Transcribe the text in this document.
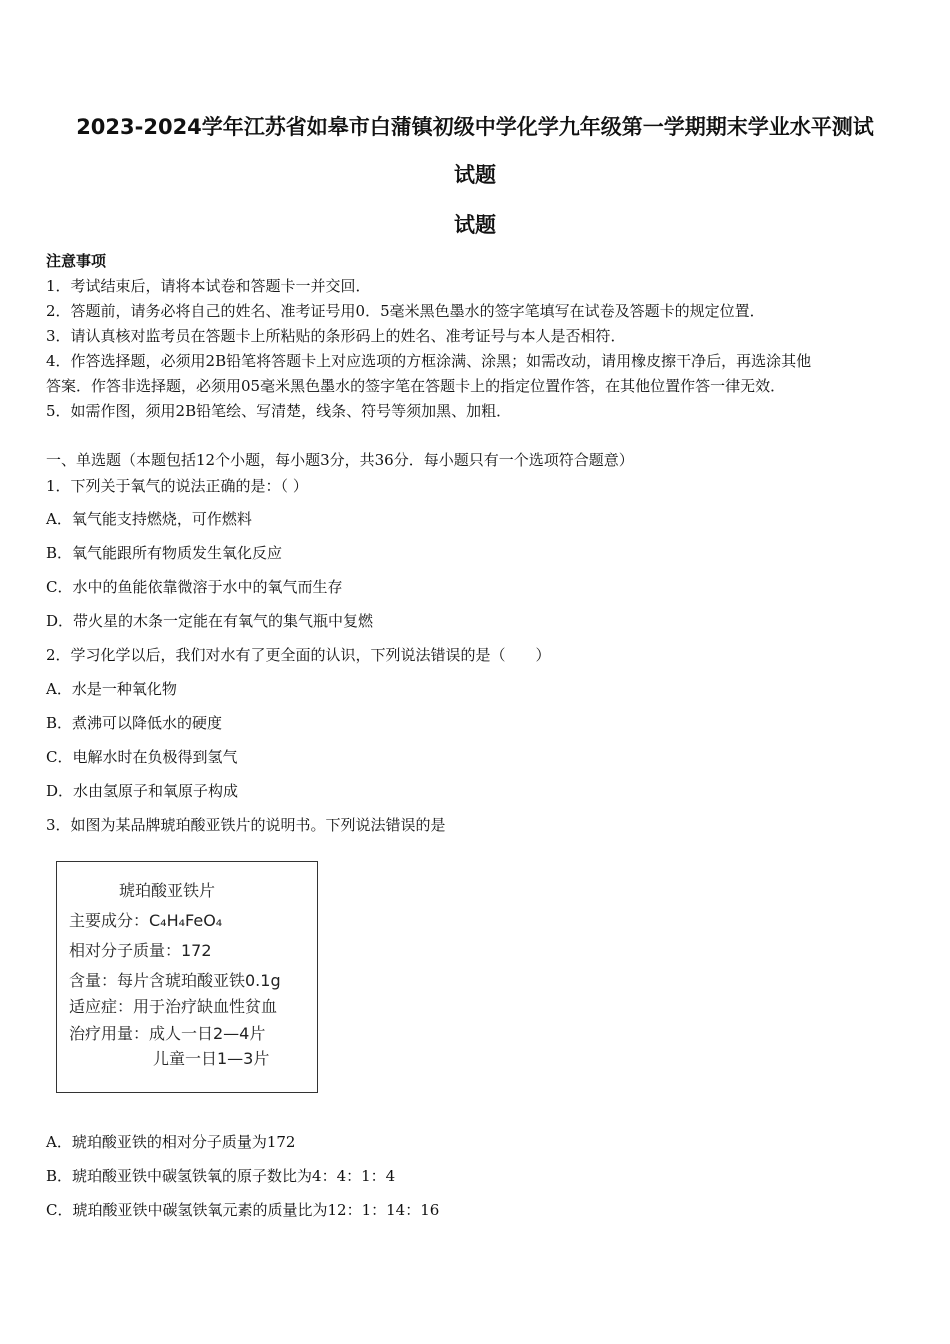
2023-2024学年江苏省如皋市白蒲镇初级中学化学九年级第一学期期末学业水平测试
试题
试题
注意事项
1．考试结束后，请将本试卷和答题卡一并交回．
2．答题前，请务必将自己的姓名、准考证号用0．5毫米黑色墨水的签字笔填写在试卷及答题卡的规定位置．
3．请认真核对监考员在答题卡上所粘贴的条形码上的姓名、准考证号与本人是否相符．
4．作答选择题，必须用2B铅笔将答题卡上对应选项的方框涂满、涂黑；如需改动，请用橡皮擦干净后，再选涂其他
答案．作答非选择题，必须用05毫米黑色墨水的签字笔在答题卡上的指定位置作答，在其他位置作答一律无效．
5．如需作图，须用2B铅笔绘、写清楚，线条、符号等须加黑、加粗．
一、单选题（本题包括12个小题，每小题3分，共36分．每小题只有一个选项符合题意）
1．下列关于氧气的说法正确的是：（ ）
A．氧气能支持燃烧，可作燃料
B．氧气能跟所有物质发生氧化反应
C．水中的鱼能依靠微溶于水中的氧气而生存
D．带火星的木条一定能在有氧气的集气瓶中复燃
2．学习化学以后，我们对水有了更全面的认识，下列说法错误的是（　　）
A．水是一种氧化物
B．煮沸可以降低水的硬度
C．电解水时在负极得到氢气
D．水由氢原子和氧原子构成
3．如图为某品牌琥珀酸亚铁片的说明书。下列说法错误的是
琥珀酸亚铁片
主要成分：C₄H₄FeO₄
相对分子质量：172
含量：每片含琥珀酸亚铁0.1g
适应症：用于治疗缺血性贫血
治疗用量：成人一日2—4片
儿童一日1—3片
A．琥珀酸亚铁的相对分子质量为172
B．琥珀酸亚铁中碳氢铁氧的原子数比为4：4：1：4
C．琥珀酸亚铁中碳氢铁氧元素的质量比为12：1：14：16
